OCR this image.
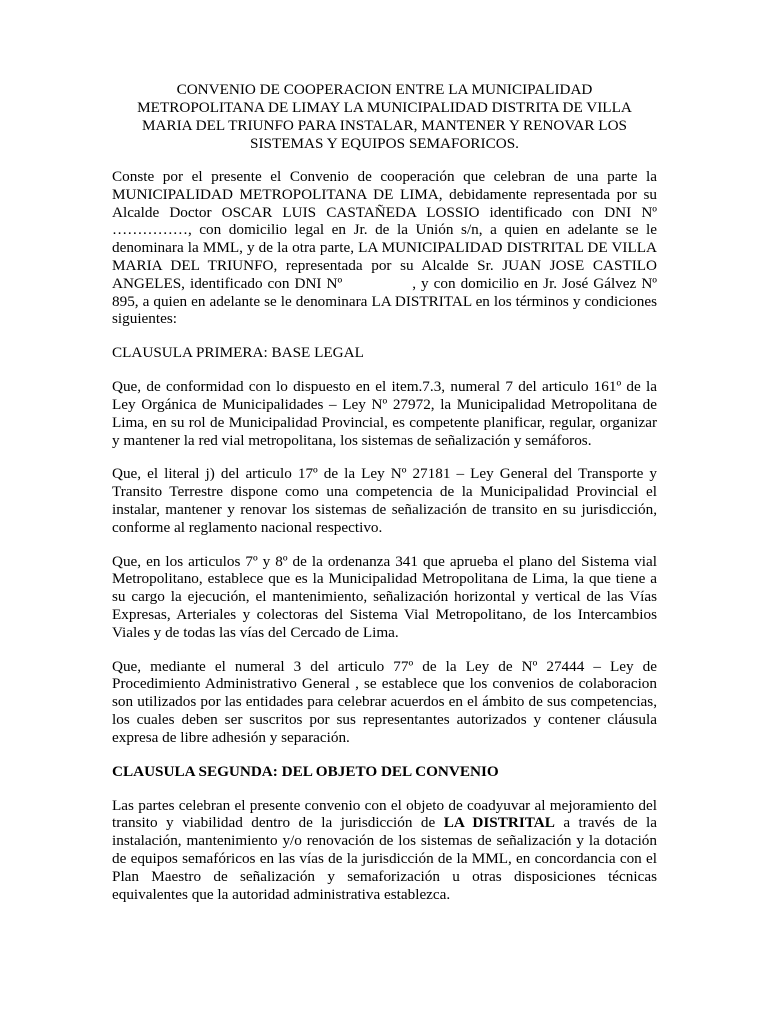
CONVENIO DE COOPERACION ENTRE LA MUNICIPALIDAD
METROPOLITANA DE LIMAY LA MUNICIPALIDAD DISTRITA DE VILLA
MARIA DEL TRIUNFO PARA INSTALAR, MANTENER Y RENOVAR LOS
SISTEMAS Y EQUIPOS SEMAFORICOS.

Conste por el presente el Convenio de cooperación que celebran de una parte la MUNICIPALIDAD METROPOLITANA DE LIMA, debidamente representada por su Alcalde Doctor OSCAR LUIS CASTAÑEDA LOSSIO identificado con DNI Nº ……………, con domicilio legal en Jr. de la Unión s/n, a quien en adelante se le denominara la MML, y de la otra parte, LA MUNICIPALIDAD DISTRITAL DE VILLA MARIA DEL TRIUNFO, representada por su Alcalde Sr. JUAN JOSE CASTILO ANGELES, identificado con DNI Nº	, y con domicilio en Jr. José Gálvez Nº 895, a quien en adelante se le denominara LA DISTRITAL en los términos y condiciones siguientes:

CLAUSULA PRIMERA: BASE LEGAL

Que, de conformidad con lo dispuesto en el item.7.3, numeral 7 del articulo 161º de la Ley Orgánica de Municipalidades – Ley Nº 27972, la Municipalidad Metropolitana de Lima, en su rol de Municipalidad Provincial, es competente planificar, regular, organizar y mantener la red vial metropolitana, los sistemas de señalización y semáforos.

Que, el literal j) del articulo 17º de la Ley Nº 27181 – Ley General del Transporte y Transito Terrestre dispone como una competencia de la Municipalidad Provincial el instalar, mantener y renovar los sistemas de señalización de transito en su jurisdicción, conforme al reglamento nacional respectivo.

Que, en los articulos 7º y 8º de la ordenanza 341 que aprueba el plano del Sistema vial Metropolitano, establece que es la Municipalidad Metropolitana de Lima, la que tiene a su cargo la ejecución, el mantenimiento, señalización horizontal y vertical de las Vías Expresas, Arteriales y colectoras del Sistema Vial Metropolitano, de los Intercambios Viales y de todas las vías del Cercado de Lima.

Que, mediante el numeral 3 del articulo 77º de la Ley de Nº 27444 – Ley de Procedimiento Administrativo General , se establece que los convenios de colaboracion son utilizados por las entidades para celebrar acuerdos en el ámbito de sus competencias, los cuales deben ser suscritos por sus representantes autorizados y contener cláusula expresa de libre adhesión y separación.

CLAUSULA SEGUNDA: DEL OBJETO DEL CONVENIO

Las partes celebran el presente convenio con el objeto de coadyuvar al mejoramiento del transito y viabilidad dentro de la jurisdicción de LA DISTRITAL a través de la instalación, mantenimiento y/o renovación de los sistemas de señalización y la dotación de equipos semafóricos en las vías de la jurisdicción de la MML, en concordancia con el Plan Maestro de señalización y semaforización u otras disposiciones técnicas equivalentes que la autoridad administrativa establezca.
